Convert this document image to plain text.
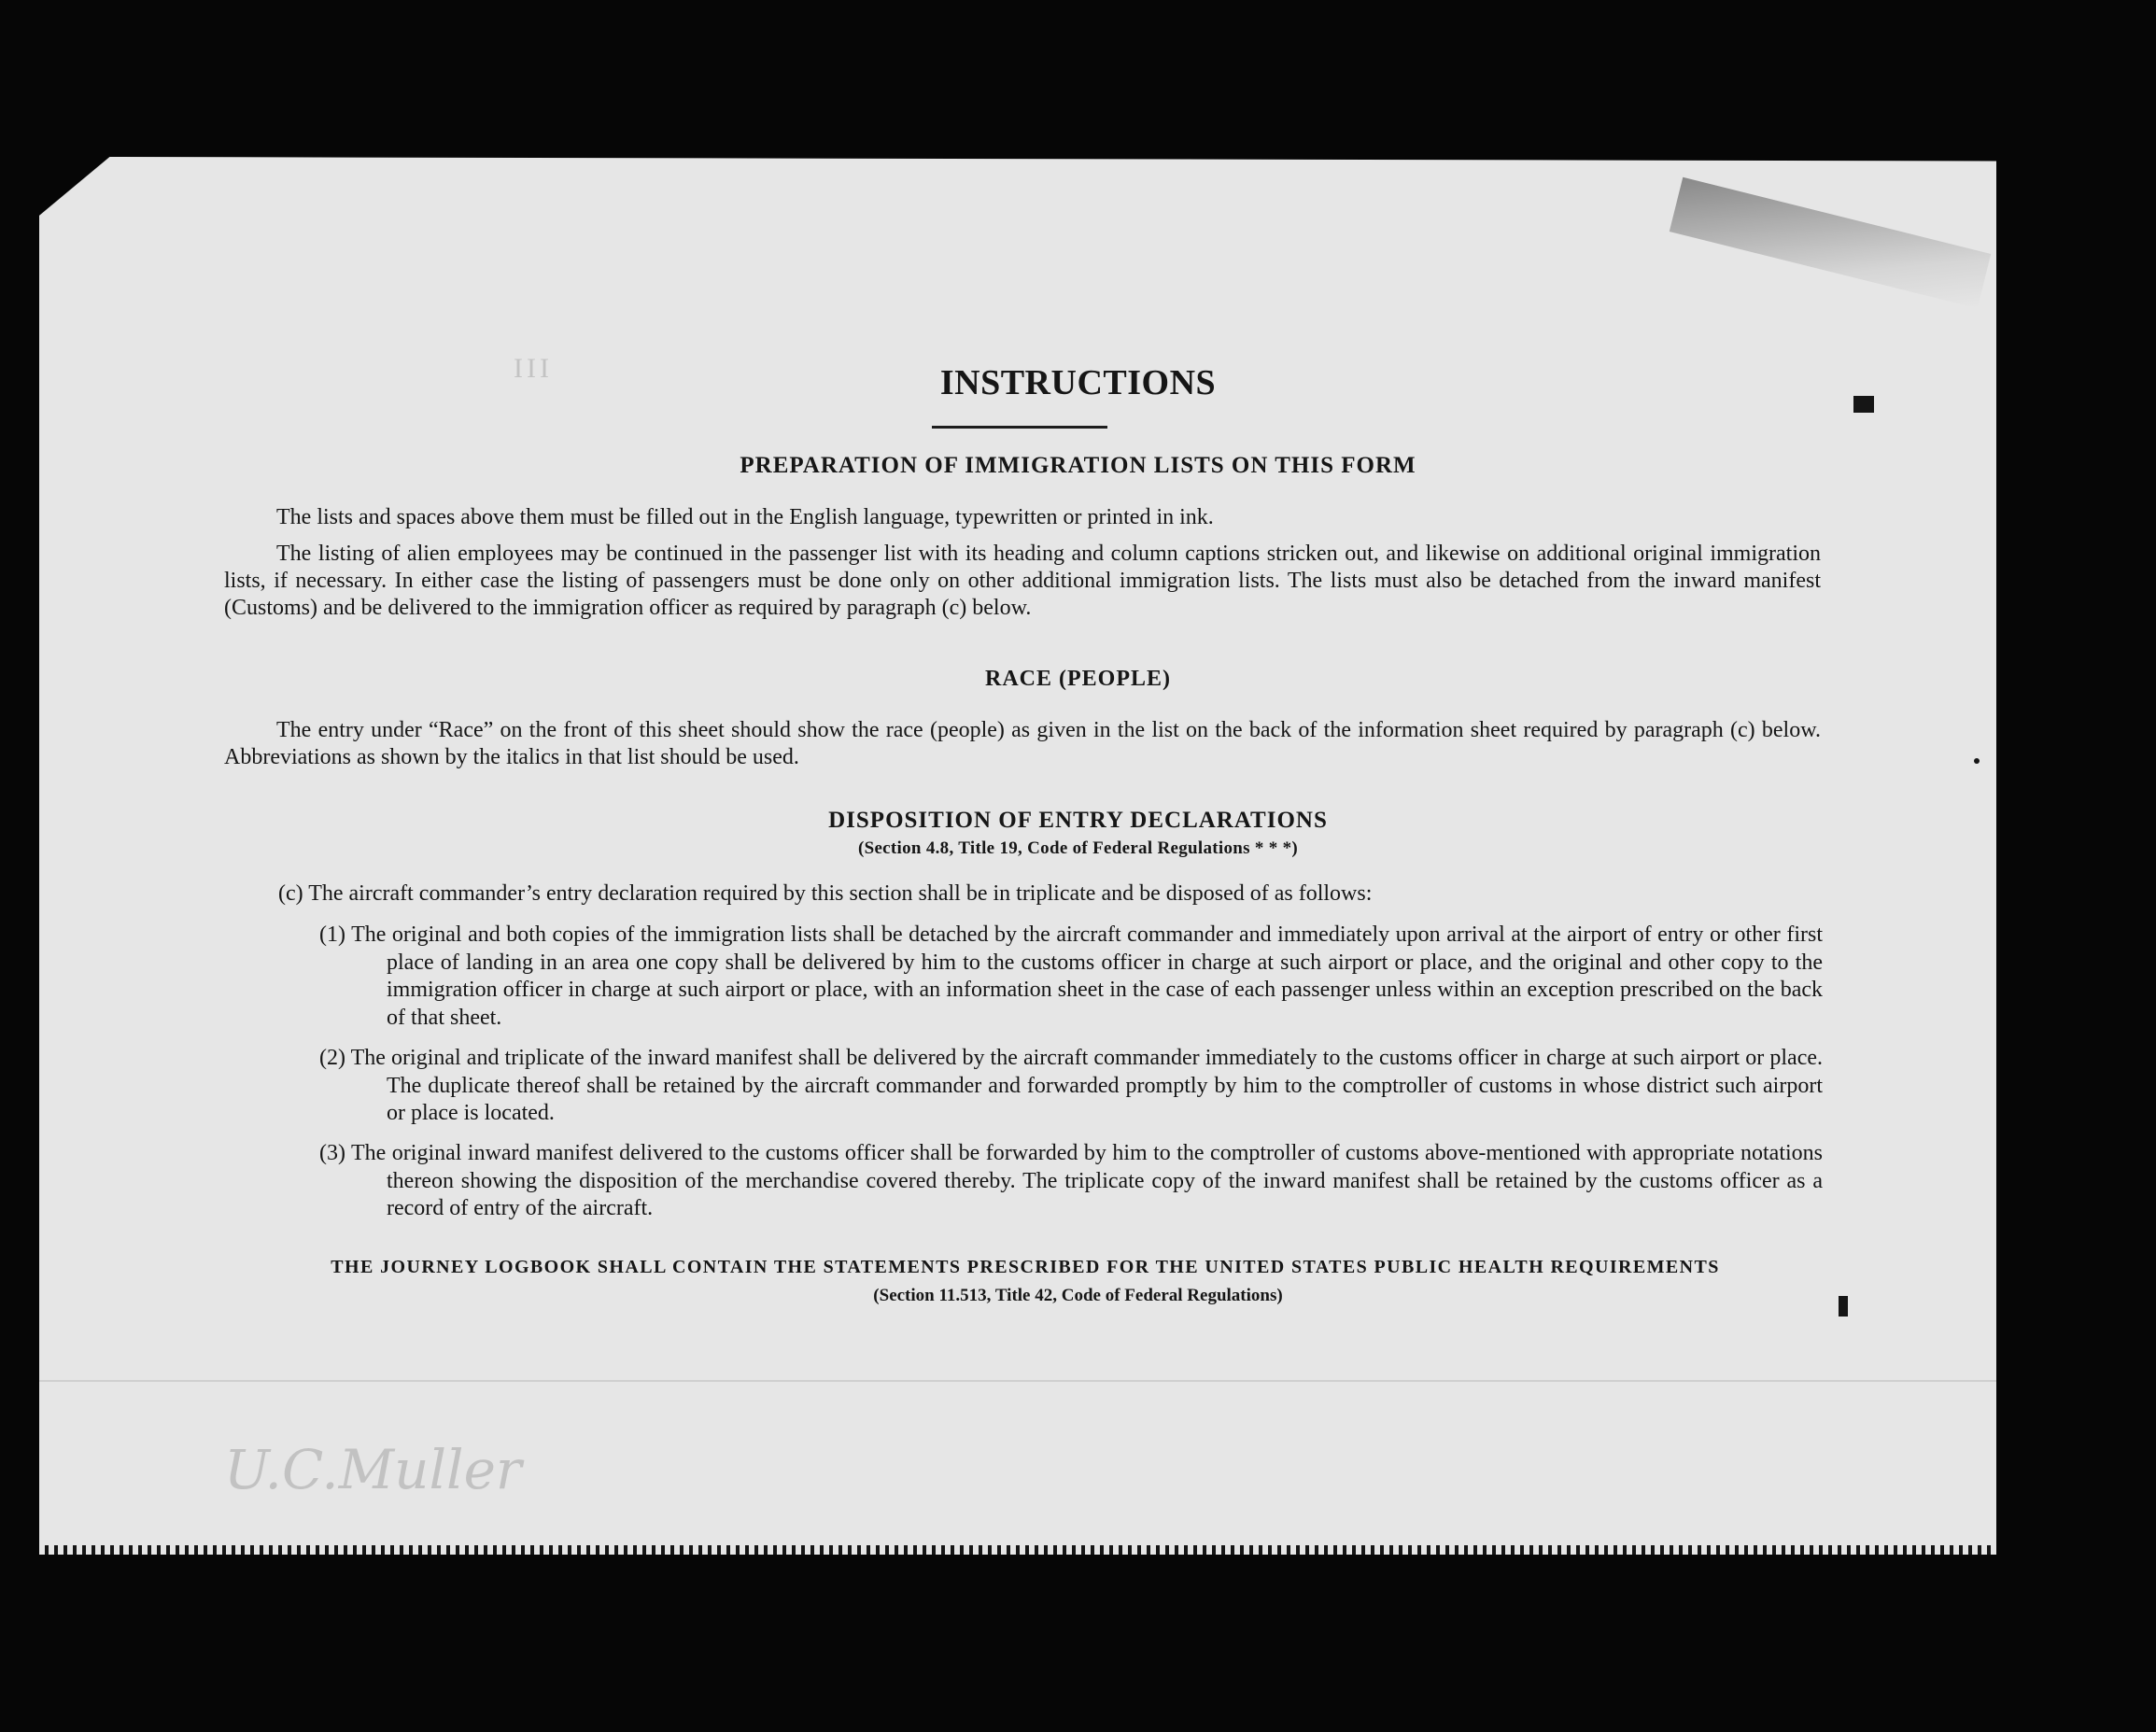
III
U.C.Muller
INSTRUCTIONS
PREPARATION OF IMMIGRATION LISTS ON THIS FORM
The lists and spaces above them must be filled out in the English language, typewritten or printed in ink.
The listing of alien employees may be continued in the passenger list with its heading and column captions stricken out, and likewise on additional original immigration lists, if necessary. In either case the listing of passengers must be done only on other additional immigration lists. The lists must also be detached from the inward manifest (Customs) and be delivered to the immigration officer as required by paragraph (c) below.
RACE (PEOPLE)
The entry under “Race” on the front of this sheet should show the race (people) as given in the list on the back of the information sheet required by paragraph (c) below. Abbreviations as shown by the italics in that list should be used.
DISPOSITION OF ENTRY DECLARATIONS
(Section 4.8, Title 19, Code of Federal Regulations * * *)
(c) The aircraft commander’s entry declaration required by this section shall be in triplicate and be disposed of as follows:
(1) The original and both copies of the immigration lists shall be detached by the aircraft commander and immediately upon arrival at the airport of entry or other first place of landing in an area one copy shall be delivered by him to the customs officer in charge at such airport or place, and the original and other copy to the immigration officer in charge at such airport or place, with an information sheet in the case of each passenger unless within an exception prescribed on the back of that sheet.
(2) The original and triplicate of the inward manifest shall be delivered by the aircraft commander immediately to the customs officer in charge at such airport or place. The duplicate thereof shall be retained by the aircraft commander and forwarded promptly by him to the comptroller of customs in whose district such airport or place is located.
(3) The original inward manifest delivered to the customs officer shall be forwarded by him to the comptroller of customs above-mentioned with appropriate notations thereon showing the disposition of the merchandise covered thereby. The triplicate copy of the inward manifest shall be retained by the customs officer as a record of entry of the aircraft.
THE JOURNEY LOGBOOK SHALL CONTAIN THE STATEMENTS PRESCRIBED FOR THE UNITED STATES PUBLIC HEALTH REQUIREMENTS
(Section 11.513, Title 42, Code of Federal Regulations)
